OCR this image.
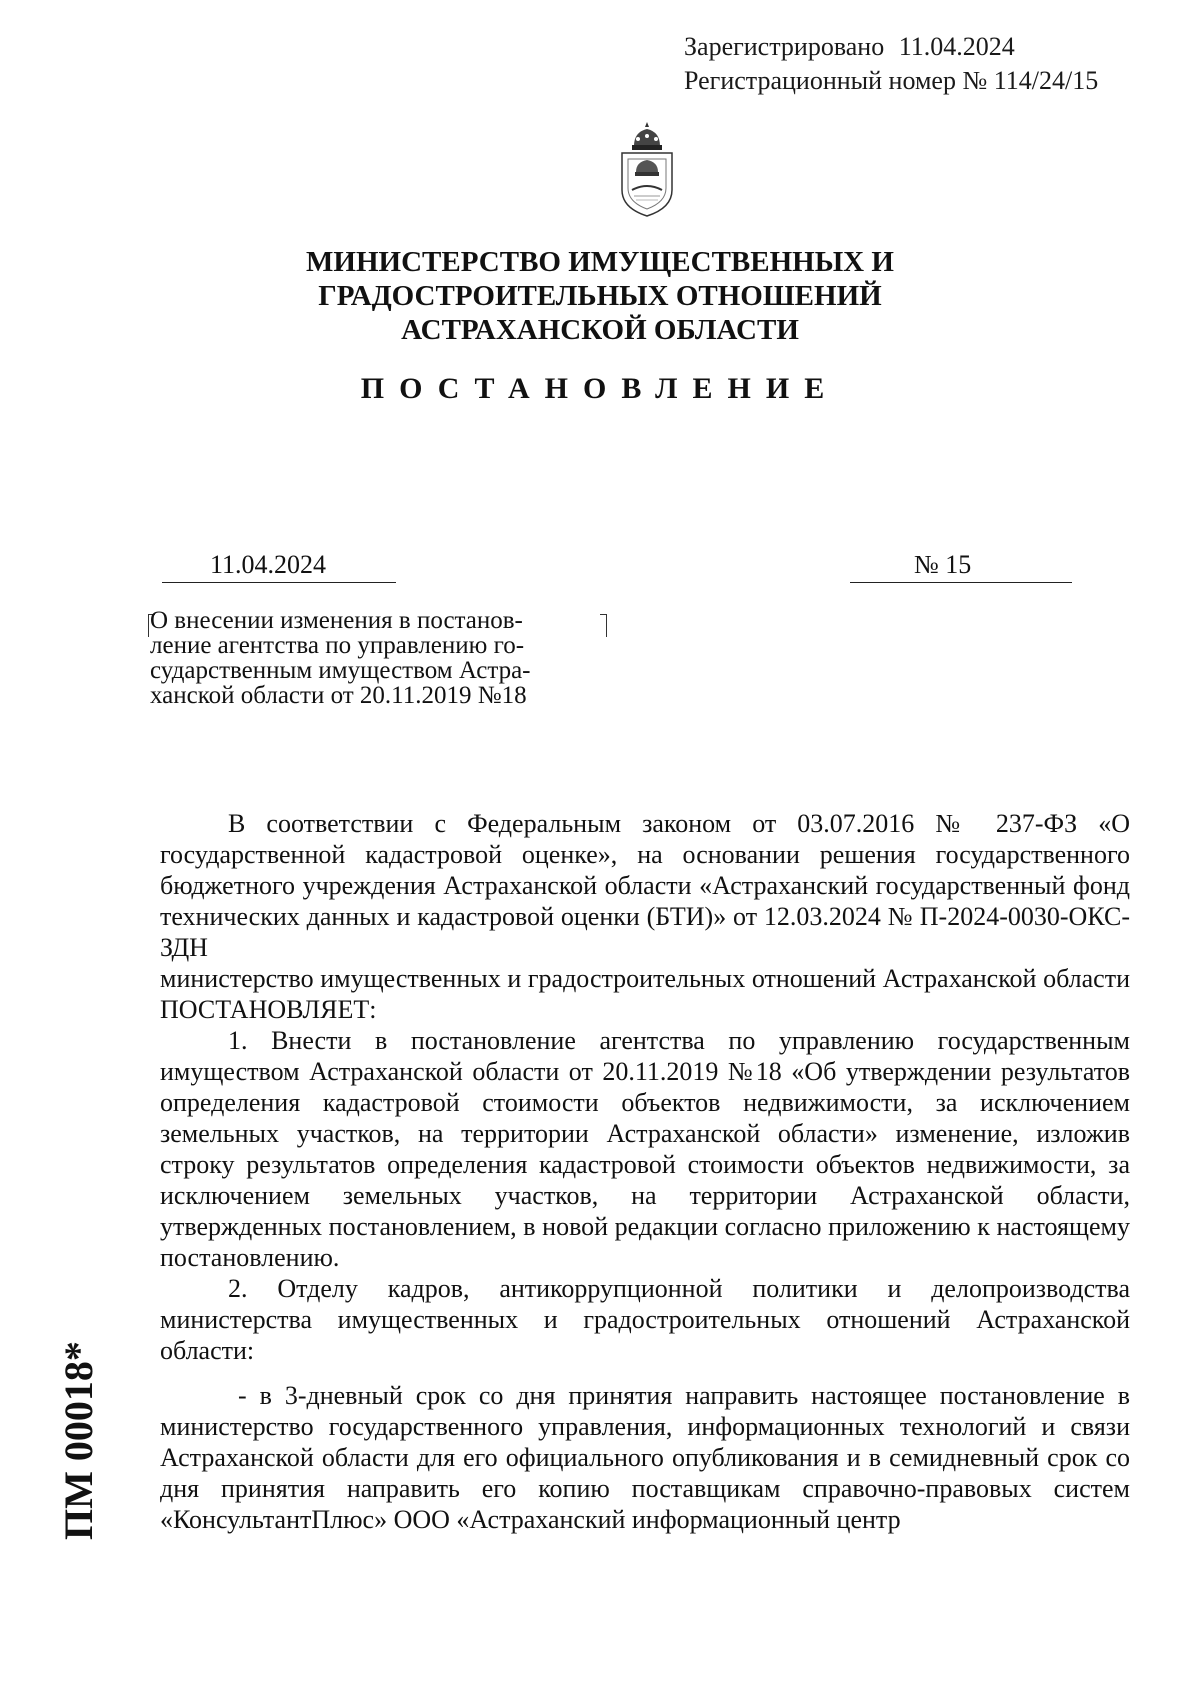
Зарегистрировано 11.04.2024
Регистрационный номер № 114/24/15
МИНИСТЕРСТВО ИМУЩЕСТВЕННЫХ И
ГРАДОСТРОИТЕЛЬНЫХ ОТНОШЕНИЙ
АСТРАХАНСКОЙ ОБЛАСТИ
ПОСТАНОВЛЕНИЕ
11.04.2024	№ 15
О внесении изменения в постанов-
ление агентства по управлению го-
сударственным имуществом Астра-
ханской области от 20.11.2019 №18

В соответствии с Федеральным законом от 03.07.2016 № 237-ФЗ «О государственной кадастровой оценке», на основании решения государственного бюджетного учреждения Астраханской области «Астраханский государственный фонд технических данных и кадастровой оценки (БТИ)» от 12.03.2024 № П-2024-0030-ОКС-ЗДН

министерство имущественных и градостроительных отношений Астраханской области ПОСТАНОВЛЯЕТ:

1. Внести в постановление агентства по управлению государственным имуществом Астраханской области от 20.11.2019 №18 «Об утверждении результатов определения кадастровой стоимости объектов недвижимости, за исключением земельных участков, на территории Астраханской области» изменение, изложив строку результатов определения кадастровой стоимости объектов недвижимости, за исключением земельных участков, на территории Астраханской области, утвержденных постановлением, в новой редакции согласно приложению к настоящему постановлению.

2. Отделу кадров, антикоррупционной политики и делопроизводства министерства имущественных и градостроительных отношений Астраханской области:

- в 3-дневный срок со дня принятия направить настоящее постановление в министерство государственного управления, информационных технологий и связи Астраханской области для его официального опубликования и в семидневный срок со дня принятия направить его копию поставщикам справочно-правовых систем «КонсультантПлюс» ООО «Астраханский информационный центр

ПМ 00018*
